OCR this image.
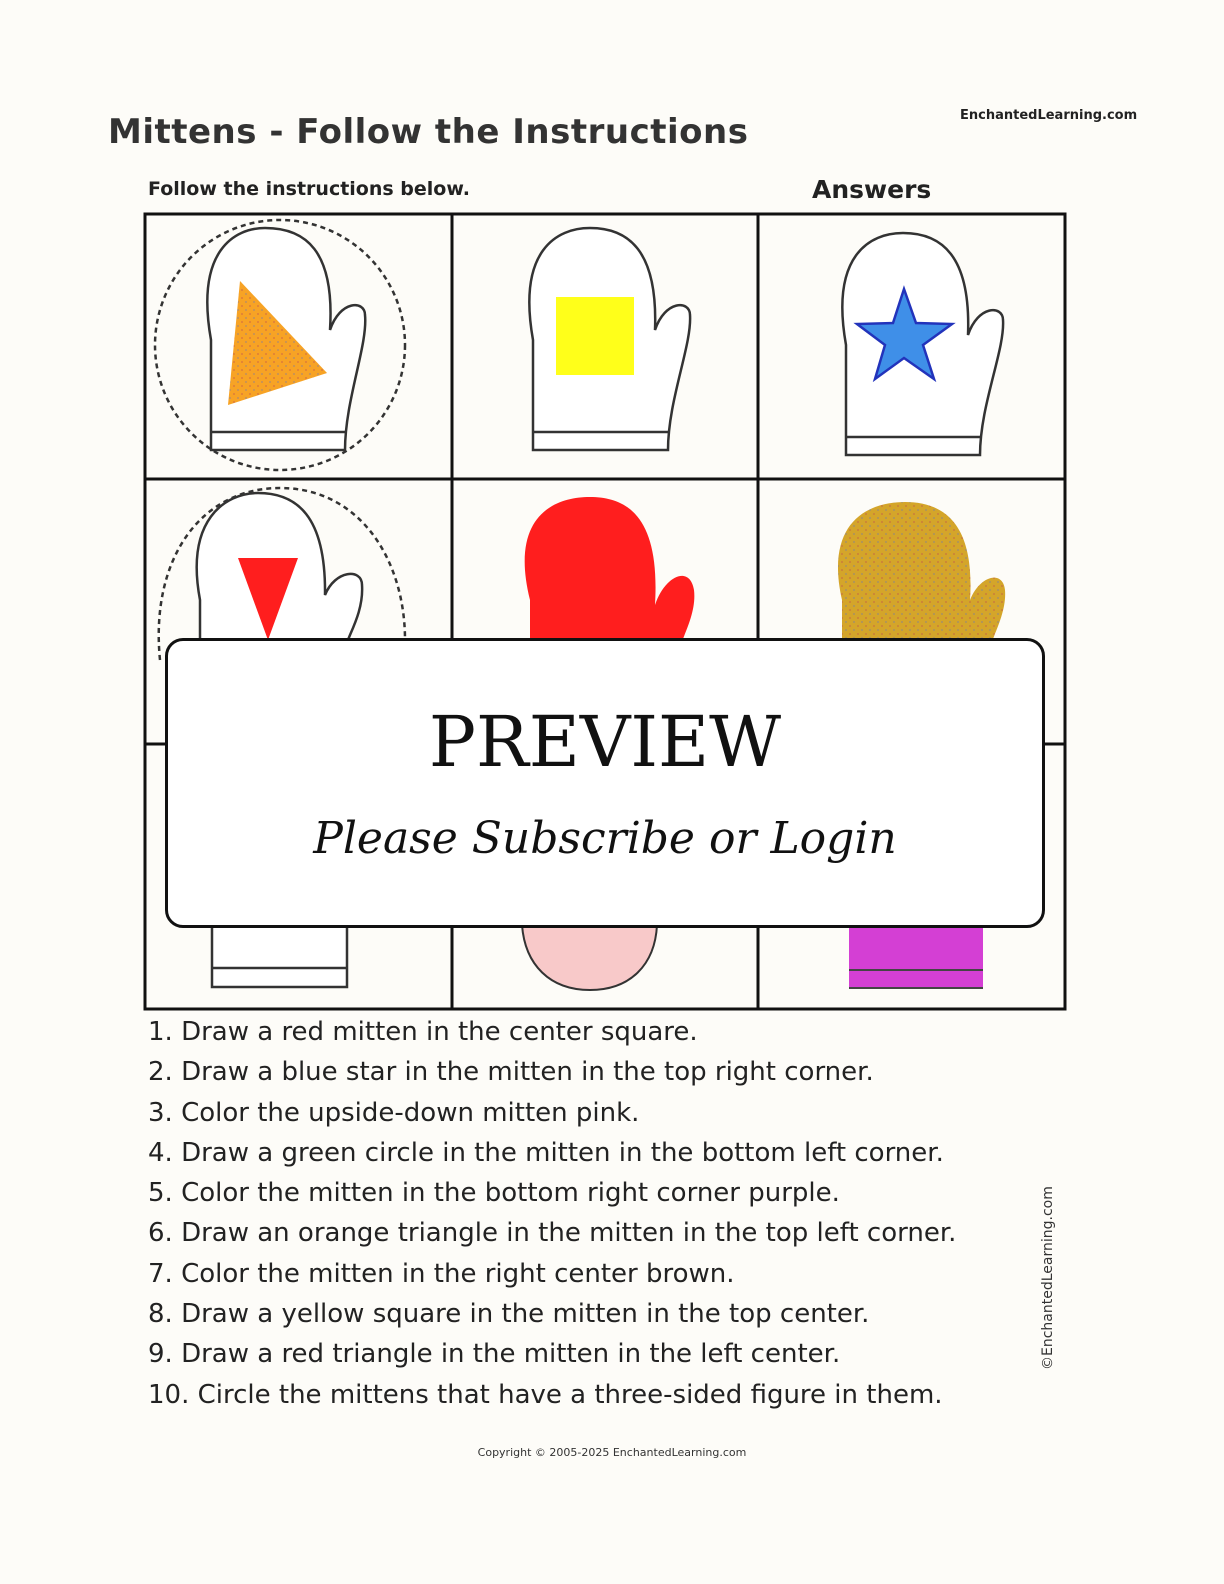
Mittens - Follow the Instructions	EnchantedLearning.com
Follow the instructions below.	Answers
PREVIEW
Please Subscribe or Login
1. Draw a red mitten in the center square.
2. Draw a blue star in the mitten in the top right corner.
3. Color the upside-down mitten pink.
4. Draw a green circle in the mitten in the bottom left corner.
5. Color the mitten in the bottom right corner purple.
6. Draw an orange triangle in the mitten in the top left corner.
7. Color the mitten in the right center brown.
8. Draw a yellow square in the mitten in the top center.
9. Draw a red triangle in the mitten in the left center.
10. Circle the mittens that have a three-sided figure in them.
©EnchantedLearning.com
Copyright © 2005-2025 EnchantedLearning.com
